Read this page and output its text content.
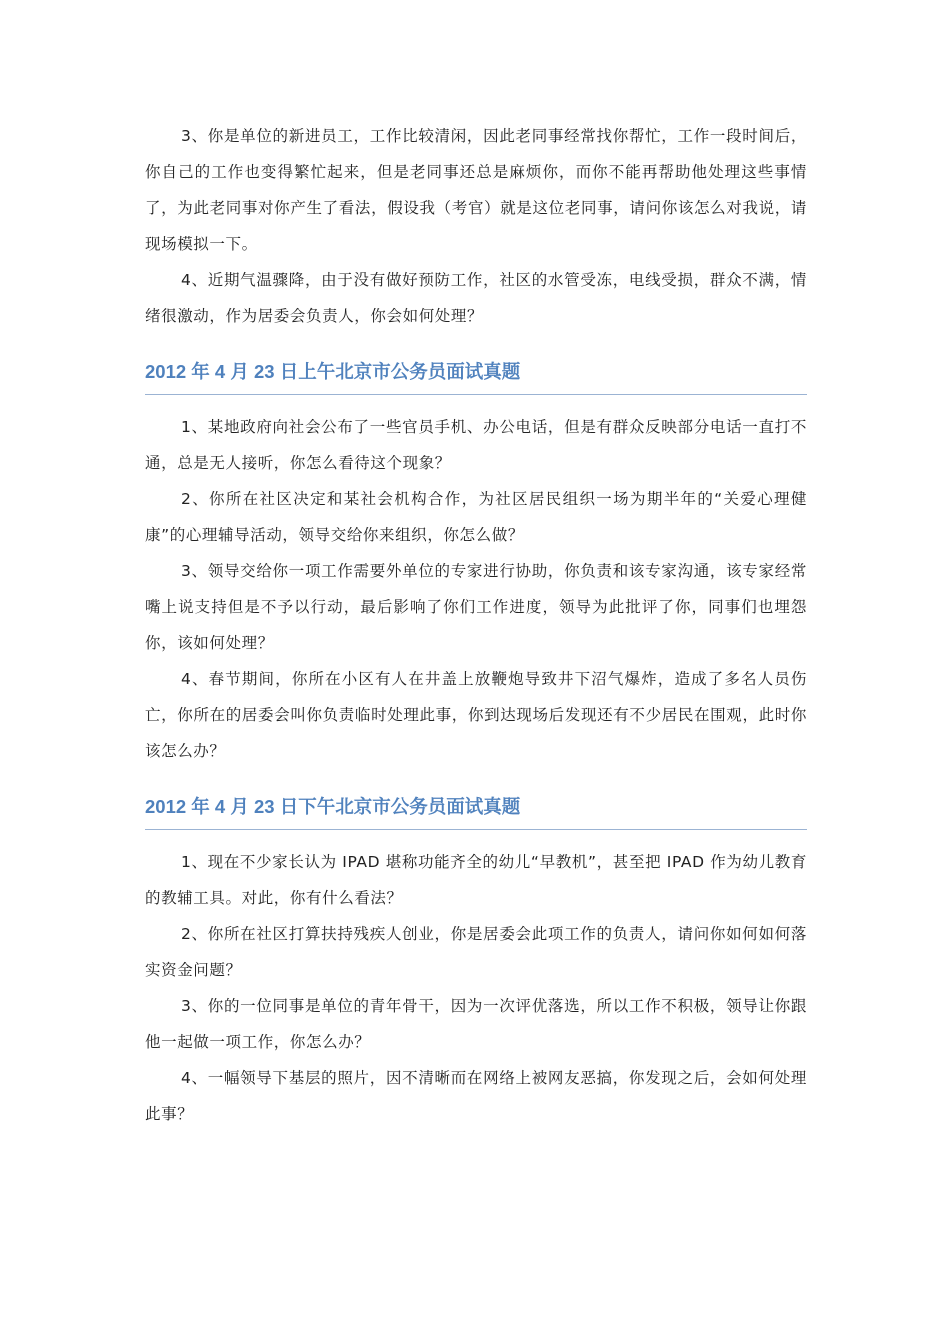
3、你是单位的新进员工，工作比较清闲，因此老同事经常找你帮忙，工作一段时间后，你自己的工作也变得繁忙起来，但是老同事还总是麻烦你，而你不能再帮助他处理这些事情了，为此老同事对你产生了看法，假设我（考官）就是这位老同事，请问你该怎么对我说，请现场模拟一下。

4、近期气温骤降，由于没有做好预防工作，社区的水管受冻，电线受损，群众不满，情绪很激动，作为居委会负责人，你会如何处理？

2012 年 4 月 23 日上午北京市公务员面试真题

1、某地政府向社会公布了一些官员手机、办公电话，但是有群众反映部分电话一直打不通，总是无人接听，你怎么看待这个现象？

2、你所在社区决定和某社会机构合作，为社区居民组织一场为期半年的“关爱心理健康”的心理辅导活动，领导交给你来组织，你怎么做？

3、领导交给你一项工作需要外单位的专家进行协助，你负责和该专家沟通，该专家经常嘴上说支持但是不予以行动，最后影响了你们工作进度，领导为此批评了你，同事们也埋怨你，该如何处理？

4、春节期间，你所在小区有人在井盖上放鞭炮导致井下沼气爆炸，造成了多名人员伤亡，你所在的居委会叫你负责临时处理此事，你到达现场后发现还有不少居民在围观，此时你该怎么办？

2012 年 4 月 23 日下午北京市公务员面试真题

1、现在不少家长认为 IPAD 堪称功能齐全的幼儿“早教机”，甚至把 IPAD 作为幼儿教育的教辅工具。对此，你有什么看法？

2、你所在社区打算扶持残疾人创业，你是居委会此项工作的负责人，请问你如何如何落实资金问题？

3、你的一位同事是单位的青年骨干，因为一次评优落选，所以工作不积极，领导让你跟他一起做一项工作，你怎么办？

4、一幅领导下基层的照片，因不清晰而在网络上被网友恶搞，你发现之后，会如何处理此事？
